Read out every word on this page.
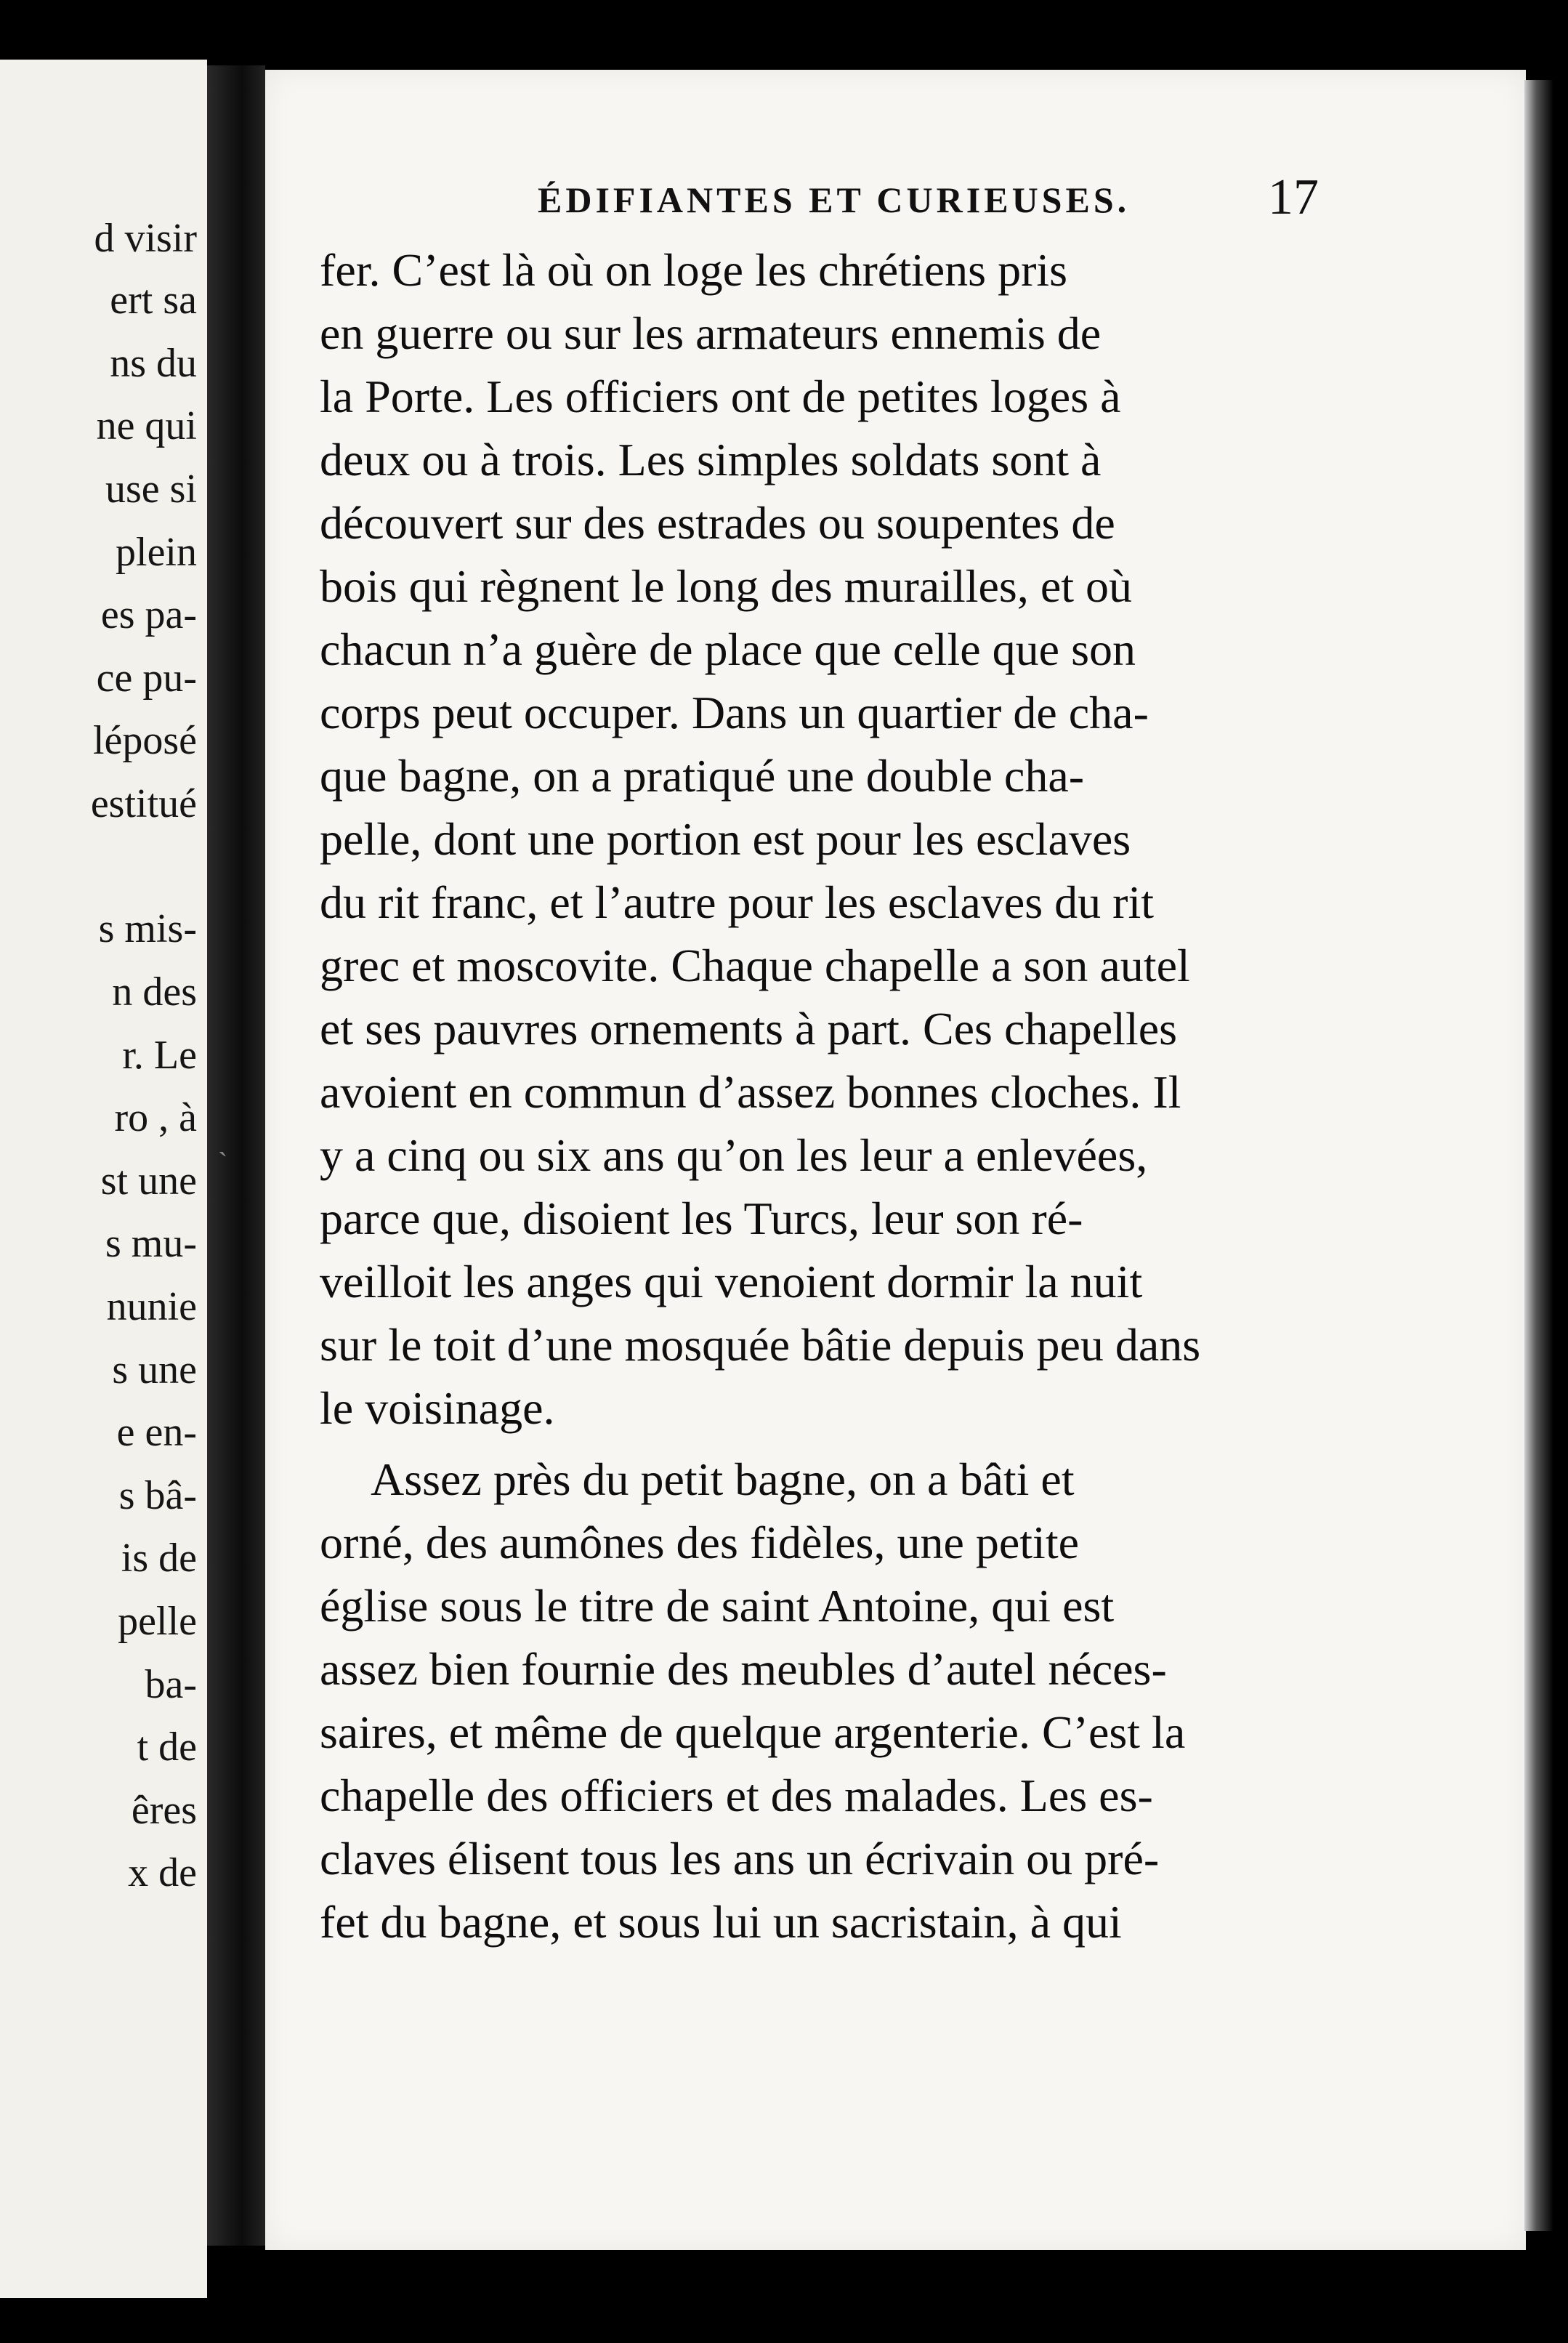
d visir

ert sa

ns du

ne qui

use si

plein

es pa-

ce pu-

léposé

estitué

s mis-

n des

r. Le

ro , à

st une

s mu-

nunie

s une

e en-

s bâ-

is de

pelle

ba-

t de

êres

x de

`

ÉDIFIANTES ET CURIEUSES.	17

fer. C’est là où on loge les chrétiens pris

en guerre ou sur les armateurs ennemis de

la Porte. Les officiers ont de petites loges à

deux ou à trois. Les simples soldats sont à

découvert sur des estrades ou soupentes de

bois qui règnent le long des murailles, et où

chacun n’a guère de place que celle que son

corps peut occuper. Dans un quartier de cha-

que bagne, on a pratiqué une double cha-

pelle, dont une portion est pour les esclaves

du rit franc, et l’autre pour les esclaves du rit

grec et moscovite. Chaque chapelle a son autel

et ses pauvres ornements à part. Ces chapelles

avoient en commun d’assez bonnes cloches. Il

y a cinq ou six ans qu’on les leur a enlevées,

parce que, disoient les Turcs, leur son ré-

veilloit les anges qui venoient dormir la nuit

sur le toit d’une mosquée bâtie depuis peu dans

le voisinage.

Assez près du petit bagne, on a bâti et

orné, des aumônes des fidèles, une petite

église sous le titre de saint Antoine, qui est

assez bien fournie des meubles d’autel néces-

saires, et même de quelque argenterie. C’est la

chapelle des officiers et des malades. Les es-

claves élisent tous les ans un écrivain ou pré-

fet du bagne, et sous lui un sacristain, à qui
